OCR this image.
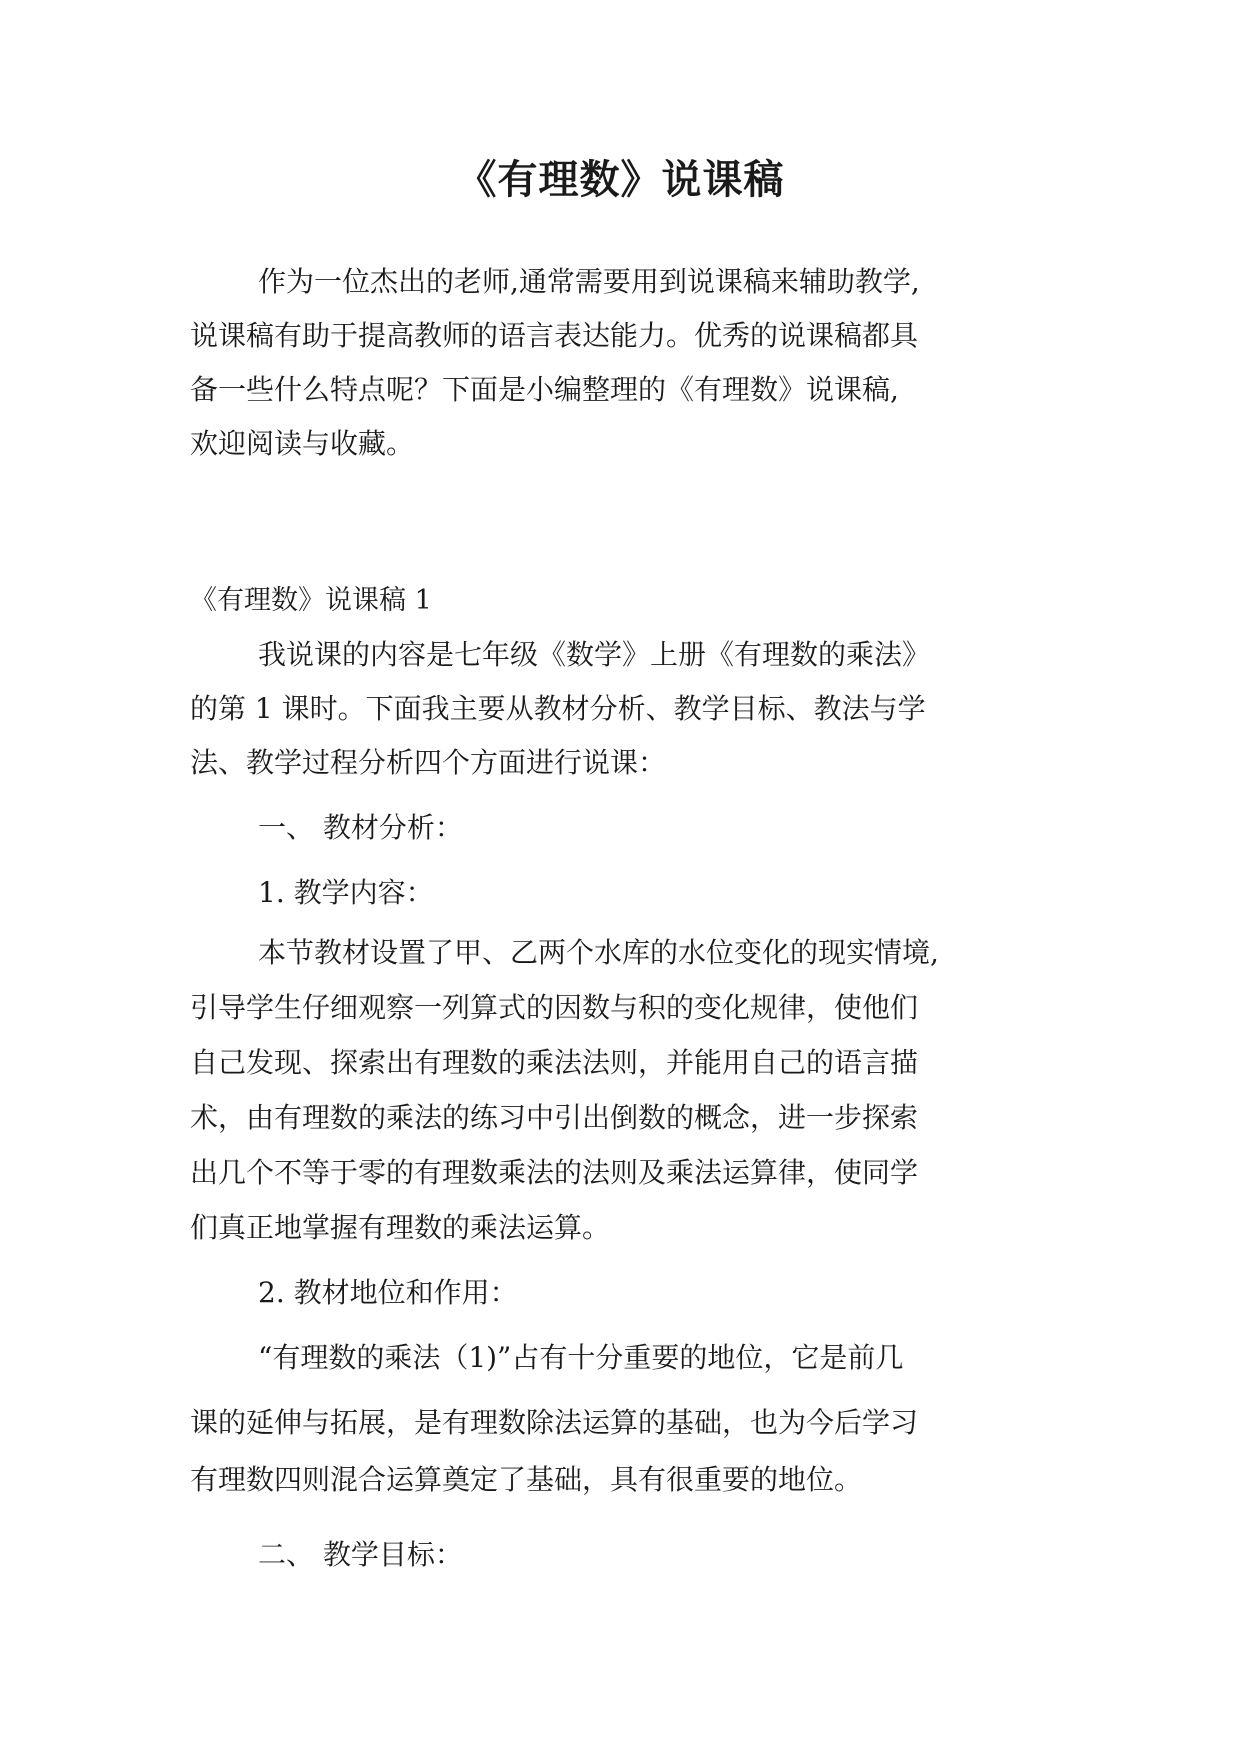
《有理数》说课稿
作为一位杰出的老师,通常需要用到说课稿来辅助教学,
说课稿有助于提高教师的语言表达能力。优秀的说课稿都具
备一些什么特点呢？下面是小编整理的《有理数》说课稿,
欢迎阅读与收藏。
《有理数》说课稿 1
我说课的内容是七年级《数学》上册《有理数的乘法》
的第 1 课时。下面我主要从教材分析、教学目标、教法与学
法、教学过程分析四个方面进行说课：
一、 教材分析：
1. 教学内容：
本节教材设置了甲、乙两个水库的水位变化的现实情境,
引导学生仔细观察一列算式的因数与积的变化规律，使他们
自己发现、探索出有理数的乘法法则，并能用自己的语言描
术，由有理数的乘法的练习中引出倒数的概念，进一步探索
出几个不等于零的有理数乘法的法则及乘法运算律，使同学
们真正地掌握有理数的乘法运算。
2. 教材地位和作用：
“有理数的乘法（1)”占有十分重要的地位，它是前几
课的延伸与拓展，是有理数除法运算的基础，也为今后学习
有理数四则混合运算奠定了基础，具有很重要的地位。
二、 教学目标：
